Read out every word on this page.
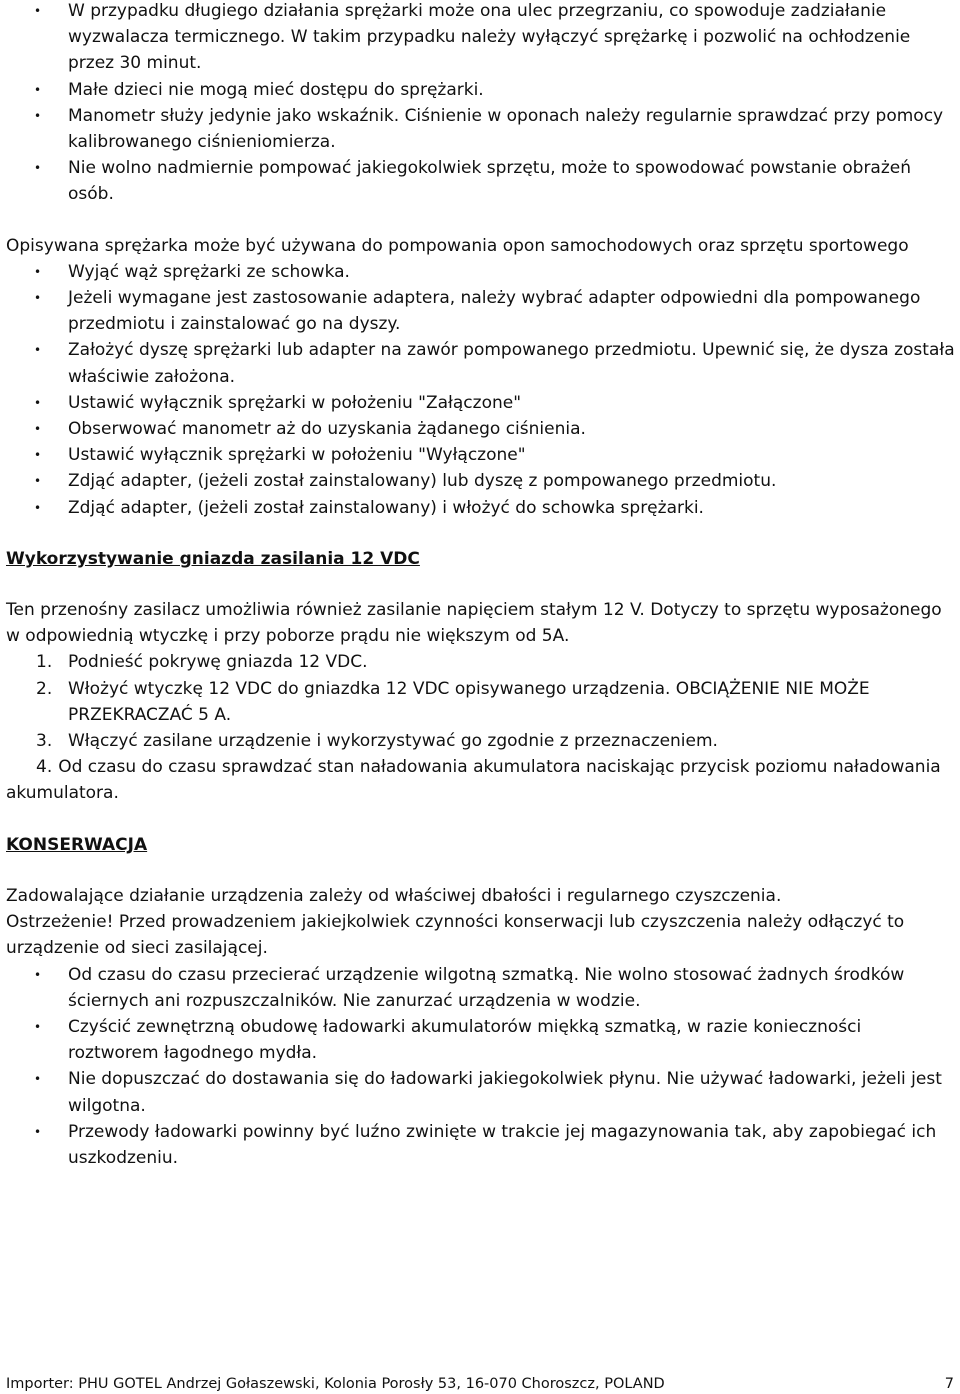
•	W przypadku długiego działania sprężarki może ona ulec przegrzaniu, co spowoduje zadziałanie wyzwalacza termicznego. W takim przypadku należy wyłączyć sprężarkę i pozwolić na ochłodzenie przez 30 minut.
•	Małe dzieci nie mogą mieć dostępu do sprężarki.
•	Manometr służy jedynie jako wskaźnik. Ciśnienie w oponach należy regularnie sprawdzać przy pomocy kalibrowanego ciśnieniomierza.
•	Nie wolno nadmiernie pompować jakiegokolwiek sprzętu, może to spowodować powstanie obrażeń osób.

Opisywana sprężarka może być używana do pompowania opon samochodowych oraz sprzętu sportowego

•	Wyjąć wąż sprężarki ze schowka.
•	Jeżeli wymagane jest zastosowanie adaptera, należy wybrać adapter odpowiedni dla pompowanego przedmiotu i zainstalować go na dyszy.
•	Założyć dyszę sprężarki lub adapter na zawór pompowanego przedmiotu. Upewnić się, że dysza została właściwie założona.
•	Ustawić wyłącznik sprężarki w położeniu "Załączone"
•	Obserwować manometr aż do uzyskania żądanego ciśnienia.
•	Ustawić wyłącznik sprężarki w położeniu "Wyłączone"
•	Zdjąć adapter, (jeżeli został zainstalowany) lub dyszę z pompowanego przedmiotu.
•	Zdjąć adapter, (jeżeli został zainstalowany) i włożyć do schowka sprężarki.

Wykorzystywanie gniazda zasilania 12 VDC

Ten przenośny zasilacz umożliwia również zasilanie napięciem stałym 12 V. Dotyczy to sprzętu wyposażonego w odpowiednią wtyczkę i przy poborze prądu nie większym od 5A.

1. Podnieść pokrywę gniazda 12 VDC.
2. Włożyć wtyczkę 12 VDC do gniazdka 12 VDC opisywanego urządzenia. OBCIĄŻENIE NIE MOŻE PRZEKRACZAĆ 5 A.
3. Włączyć zasilane urządzenie i wykorzystywać go zgodnie z przeznaczeniem.
4. Od czasu do czasu sprawdzać stan naładowania akumulatora naciskając przycisk poziomu naładowania akumulatora.

KONSERWACJA

Zadowalające działanie urządzenia zależy od właściwej dbałości i regularnego czyszczenia.

Ostrzeżenie! Przed prowadzeniem jakiejkolwiek czynności konserwacji lub czyszczenia należy odłączyć to urządzenie od sieci zasilającej.

•	Od czasu do czasu przecierać urządzenie wilgotną szmatką. Nie wolno stosować żadnych środków ściernych ani rozpuszczalników. Nie zanurzać urządzenia w wodzie.
•	Czyścić zewnętrzną obudowę ładowarki akumulatorów miękką szmatką, w razie konieczności roztworem łagodnego mydła.
•	Nie dopuszczać do dostawania się do ładowarki jakiegokolwiek płynu. Nie używać ładowarki, jeżeli jest wilgotna.
•	Przewody ładowarki powinny być luźno zwinięte w trakcie jej magazynowania tak, aby zapobiegać ich uszkodzeniu.
Importer: PHU GOTEL Andrzej Gołaszewski, Kolonia Porosły 53, 16-070 Choroszcz, POLAND	7
